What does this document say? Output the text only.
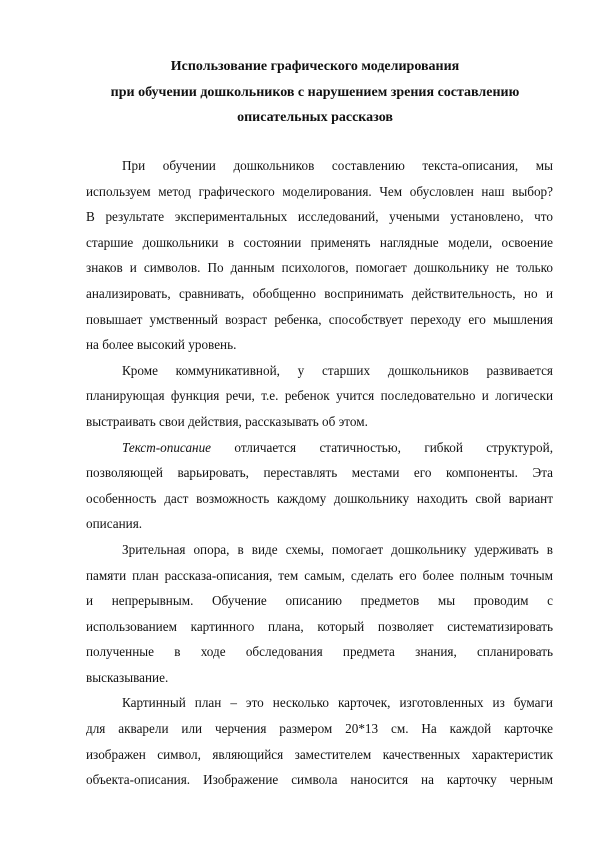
Использование графического моделирования
при обучении дошкольников с нарушением зрения составлению
описательных рассказов
При обучении дошкольников составлению текста-описания, мы
используем метод графического моделирования. Чем обусловлен наш выбор?
В результате экспериментальных исследований, учеными установлено, что
старшие дошкольники в состоянии применять наглядные модели, освоение
знаков и символов. По данным психологов, помогает дошкольнику не только
анализировать, сравнивать, обобщенно воспринимать действительность, но и
повышает умственный возраст ребенка, способствует переходу его мышления
на более высокий уровень.
Кроме коммуникативной, у старших дошкольников развивается
планирующая функция речи, т.е. ребенок учится последовательно и логически
выстраивать свои действия, рассказывать об этом.
Текст-описание отличается статичностью, гибкой структурой,
позволяющей варьировать, переставлять местами его компоненты. Эта
особенность даст возможность каждому дошкольнику находить свой вариант
описания.
Зрительная опора, в виде схемы, помогает дошкольнику удерживать в
памяти план рассказа-описания, тем самым, сделать его более полным точным
и непрерывным. Обучение описанию предметов мы проводим с
использованием картинного плана, который позволяет систематизировать
полученные в ходе обследования предмета знания, спланировать
высказывание.
Картинный план – это несколько карточек, изготовленных из бумаги
для акварели или черчения размером 20*13 см. На каждой карточке
изображен символ, являющийся заместителем качественных характеристик
объекта-описания. Изображение символа наносится на карточку черным
